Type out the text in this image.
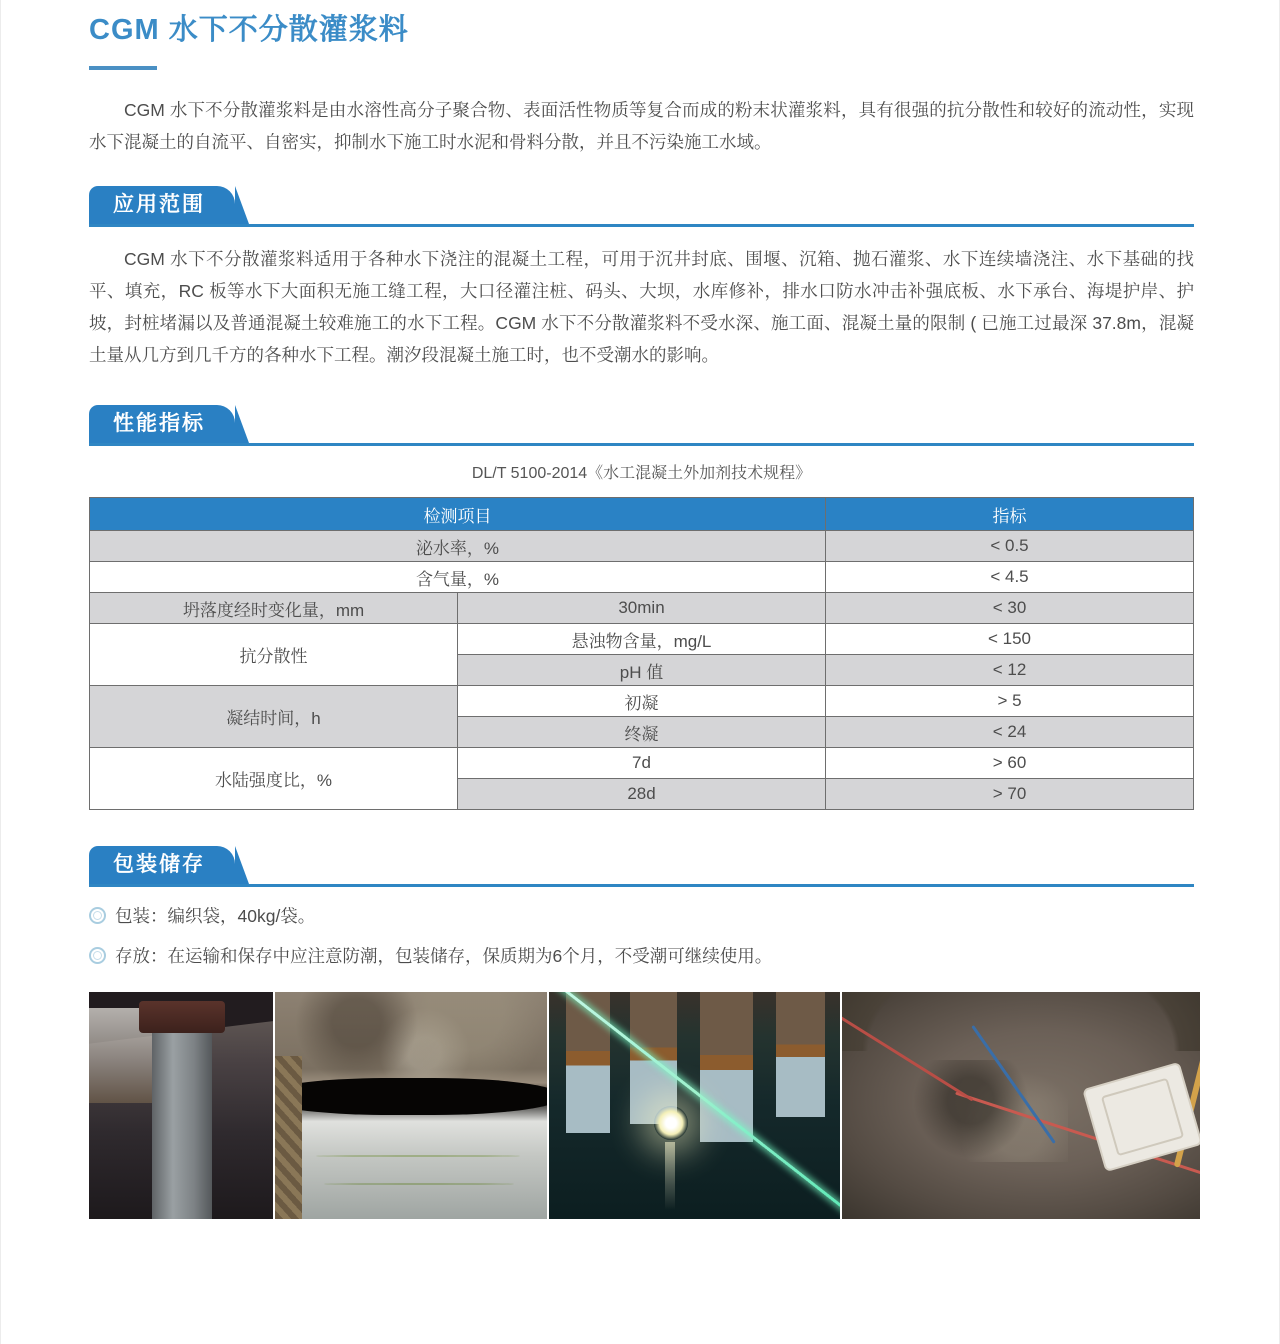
CGM 水下不分散灌浆料

CGM 水下不分散灌浆料是由水溶性高分子聚合物、表面活性物质等复合而成的粉末状灌浆料，具有很强的抗分散性和较好的流动性，实现水下混凝土的自流平、自密实，抑制水下施工时水泥和骨料分散，并且不污染施工水域。

应用范围

CGM 水下不分散灌浆料适用于各种水下浇注的混凝土工程，可用于沉井封底、围堰、沉箱、抛石灌浆、水下连续墙浇注、水下基础的找平、填充，RC 板等水下大面积无施工缝工程，大口径灌注桩、码头、大坝，水库修补，排水口防水冲击补强底板、水下承台、海堤护岸、护坡，封桩堵漏以及普通混凝土较难施工的水下工程。CGM 水下不分散灌浆料不受水深、施工面、混凝土量的限制 ( 已施工过最深 37.8m，混凝土量从几方到几千方的各种水下工程。潮汐段混凝土施工时，也不受潮水的影响。

性能指标

DL/T 5100-2014《水工混凝土外加剂技术规程》

检测项目		指标
泌水率，%		< 0.5
含气量，%		< 4.5
坍落度经时变化量，mm	30min	< 30
抗分散性	悬浊物含量，mg/L	< 150
	pH 值	< 12
凝结时间，h	初凝	> 5
	终凝	< 24
水陆强度比，%	7d	> 60
	28d	> 70
包装储存
包装：编织袋，40kg/袋。
存放：在运输和保存中应注意防潮，包装储存，保质期为6个月，不受潮可继续使用。
